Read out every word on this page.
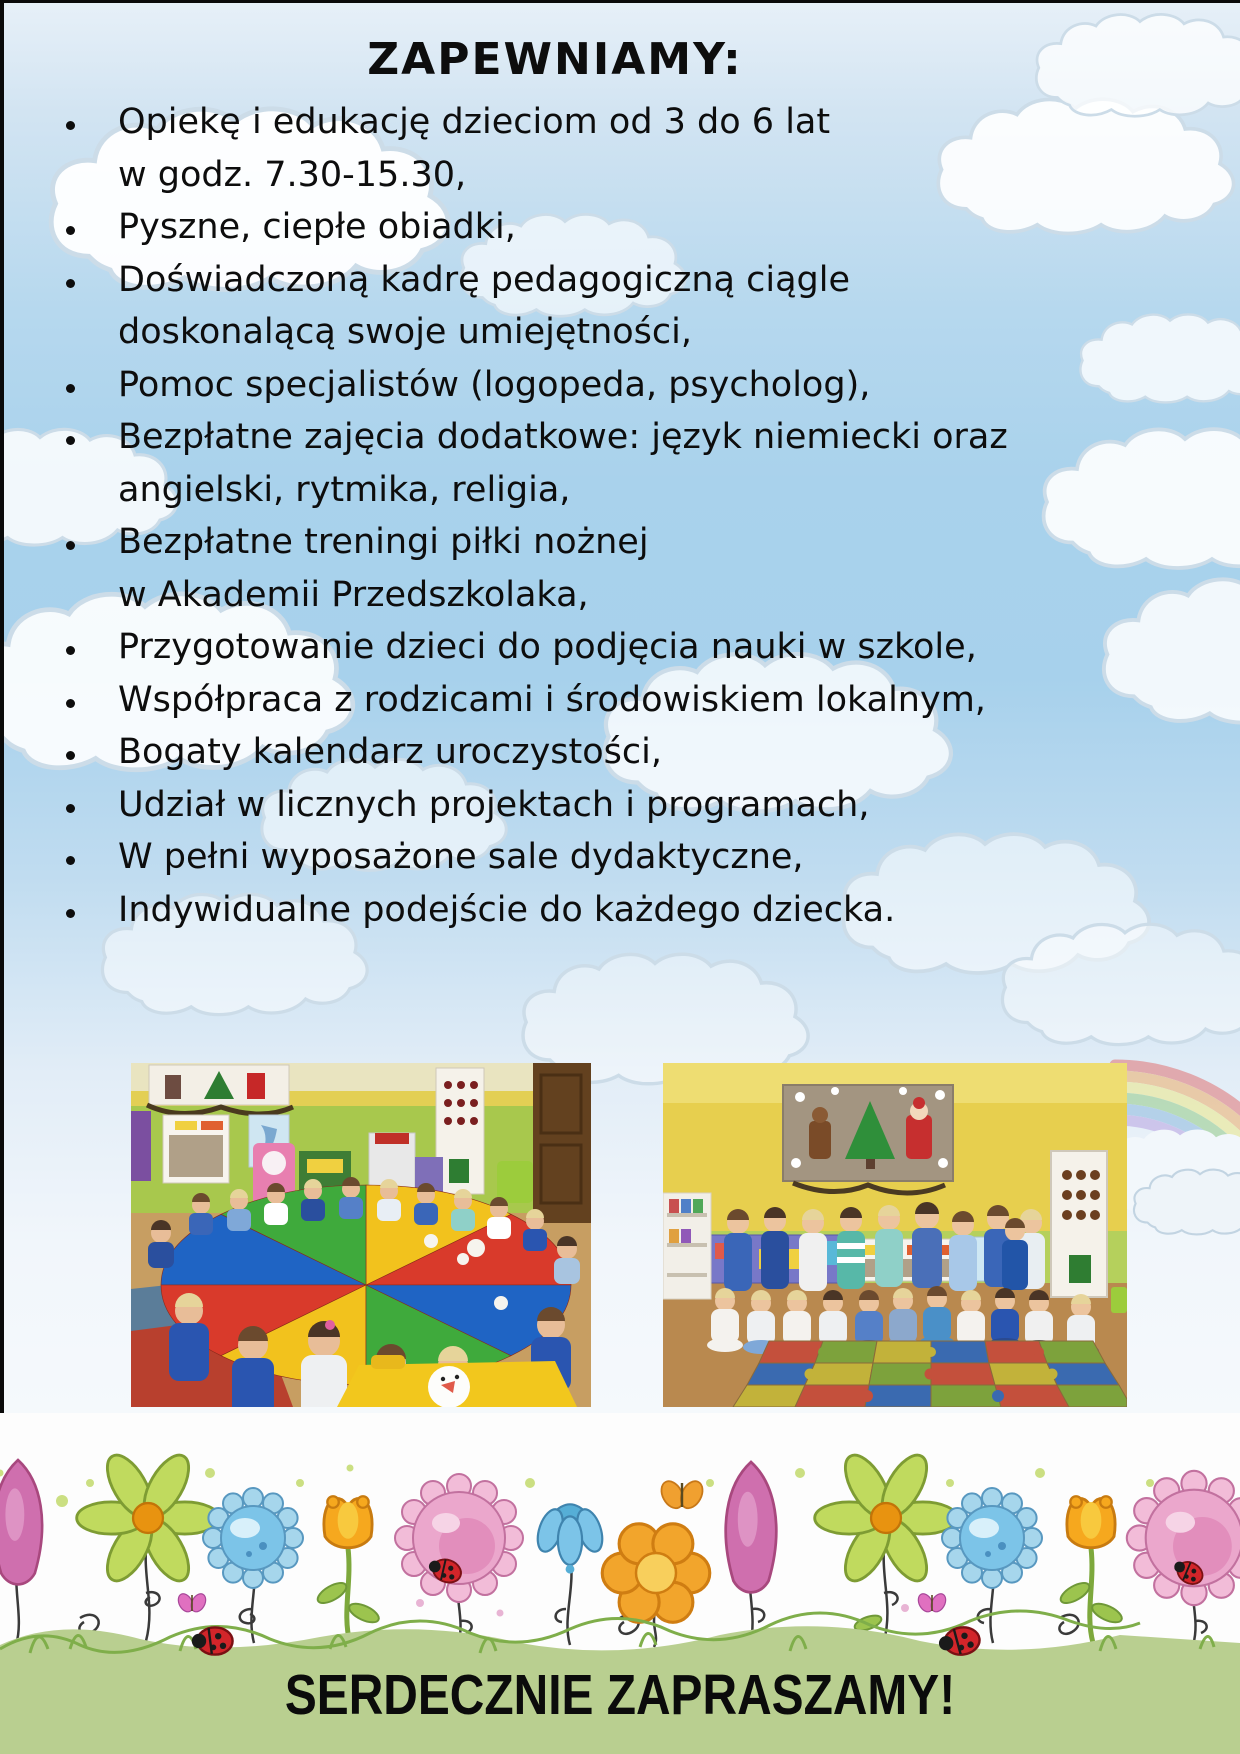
ZAPEWNIAMY:
Opiekę i edukację dzieciom od 3 do 6 lat
w godz. 7.30-15.30,
Pyszne, ciepłe obiadki,
Doświadczoną kadrę pedagogiczną ciągle
doskonalącą swoje umiejętności,
Pomoc specjalistów (logopeda, psycholog),
Bezpłatne zajęcia dodatkowe: język niemiecki oraz
angielski, rytmika, religia,
Bezpłatne treningi piłki nożnej
w Akademii Przedszkolaka,
Przygotowanie dzieci do podjęcia nauki w szkole,
Współpraca z rodzicami i środowiskiem lokalnym,
Bogaty kalendarz uroczystości,
Udział w licznych projektach i programach,
W pełni wyposażone sale dydaktyczne,
Indywidualne podejście do każdego dziecka.
SERDECZNIE ZAPRASZAMY!
